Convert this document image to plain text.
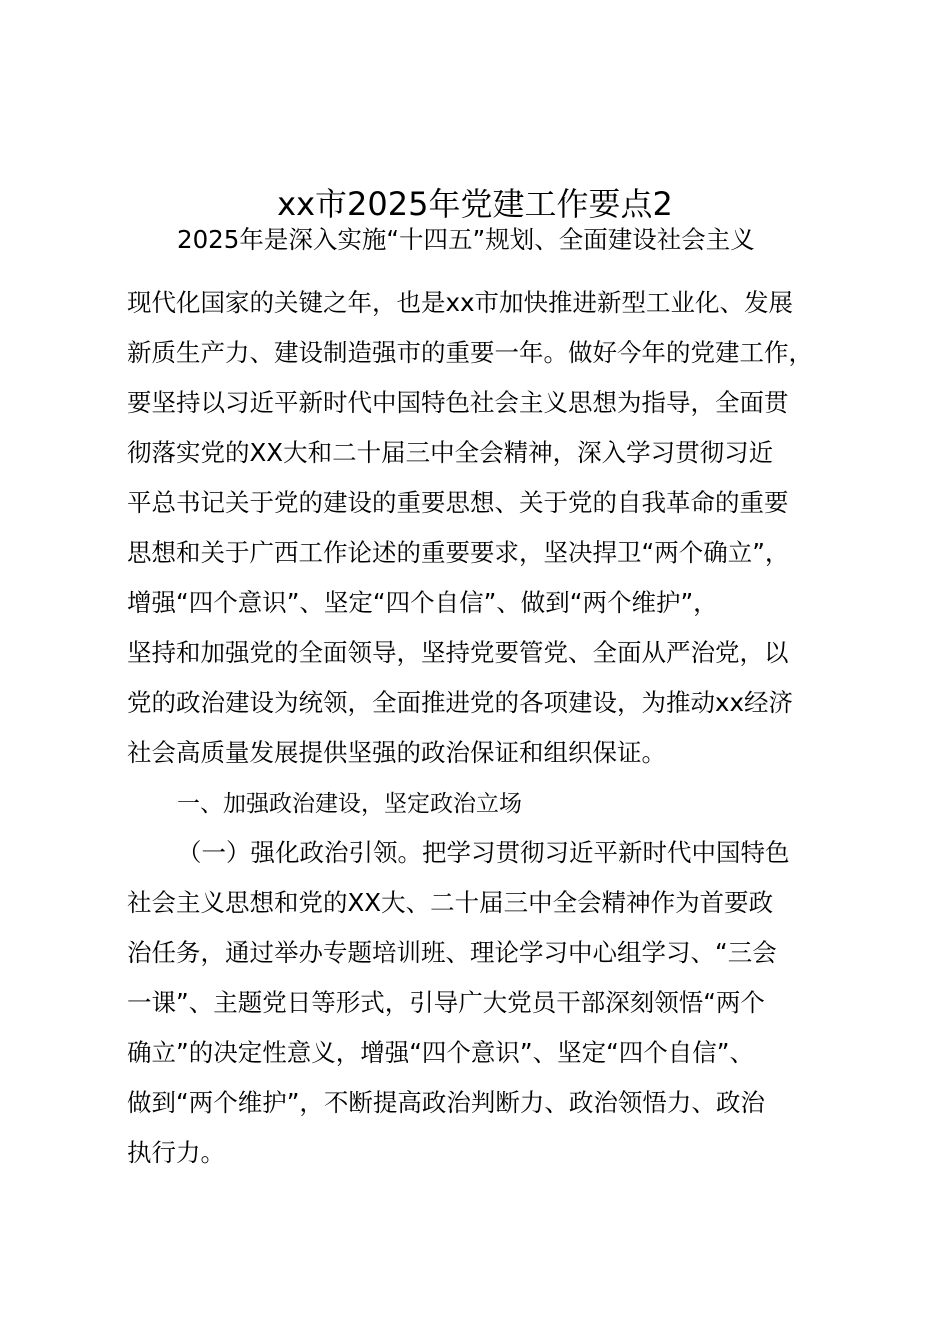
xx市2025年党建工作要点2
2025年是深入实施“十四五”规划、全面建设社会主义
现代化国家的关键之年，也是xx市加快推进新型工业化、发展
新质生产力、建设制造强市的重要一年。做好今年的党建工作，
要坚持以习近平新时代中国特色社会主义思想为指导，全面贯
彻落实党的XX大和二十届三中全会精神，深入学习贯彻习近
平总书记关于党的建设的重要思想、关于党的自我革命的重要
思想和关于广西工作论述的重要要求，坚决捍卫“两个确立”，
增强“四个意识”、坚定“四个自信”、做到“两个维护”，
坚持和加强党的全面领导，坚持党要管党、全面从严治党，以
党的政治建设为统领，全面推进党的各项建设，为推动xx经济
社会高质量发展提供坚强的政治保证和组织保证。
一、加强政治建设，坚定政治立场
（一）强化政治引领。把学习贯彻习近平新时代中国特色
社会主义思想和党的XX大、二十届三中全会精神作为首要政
治任务，通过举办专题培训班、理论学习中心组学习、“三会
一课”、主题党日等形式，引导广大党员干部深刻领悟“两个
确立”的决定性意义，增强“四个意识”、坚定“四个自信”、
做到“两个维护”，不断提高政治判断力、政治领悟力、政治
执行力。
